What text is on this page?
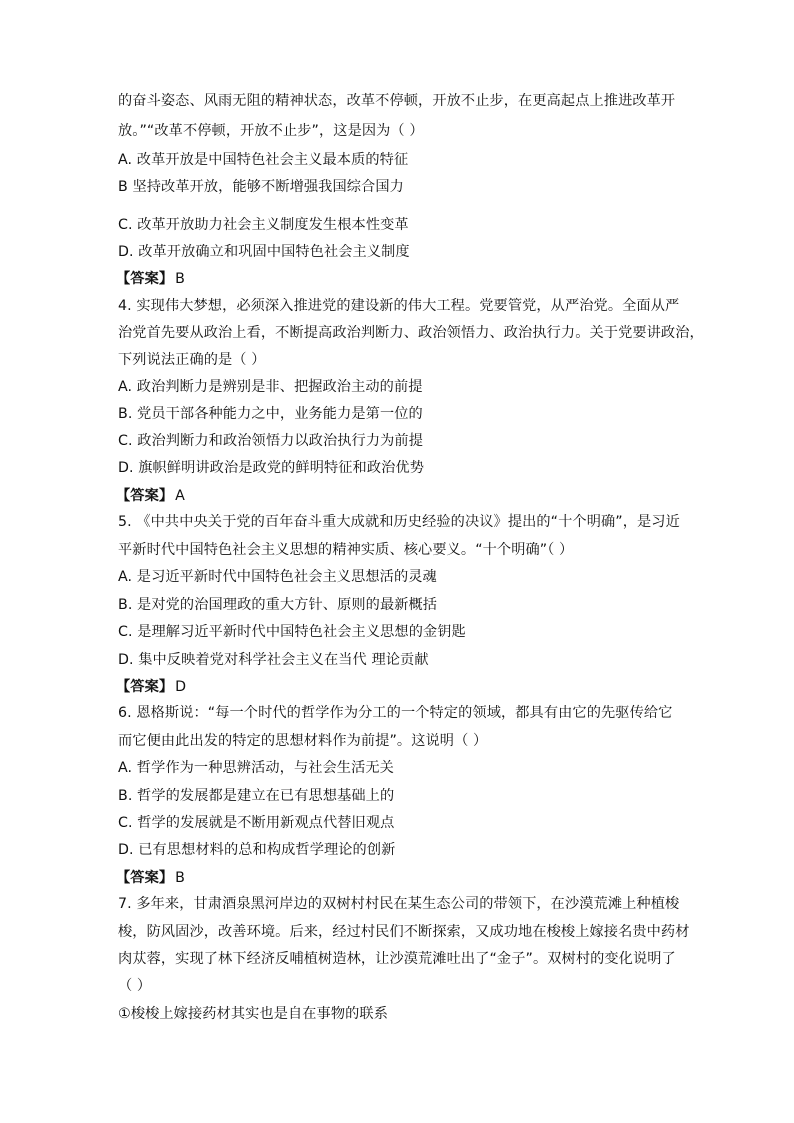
的奋斗姿态、风雨无阻的精神状态，改革不停顿，开放不止步，在更高起点上推进改革开
放。”“改革不停顿，开放不止步”，这是因为（ ）
A. 改革开放是中国特色社会主义最本质的特征
B 坚持改革开放，能够不断增强我国综合国力
C. 改革开放助力社会主义制度发生根本性变革
D. 改革开放确立和巩固中国特色社会主义制度
【答案】 B
4. 实现伟大梦想，必须深入推进党的建设新的伟大工程。党要管党，从严治党。全面从严
治党首先要从政治上看，不断提高政治判断力、政治领悟力、政治执行力。关于党要讲政治，
下列说法正确的是（ ）
A. 政治判断力是辨别是非、把握政治主动的前提
B. 党员干部各种能力之中，业务能力是第一位的
C. 政治判断力和政治领悟力以政治执行力为前提
D. 旗帜鲜明讲政治是政党的鲜明特征和政治优势
【答案】 A
5. 《中共中央关于党的百年奋斗重大成就和历史经验的决议》提出的“十个明确”，是习近
平新时代中国特色社会主义思想的精神实质、核心要义。“十个明确”（ ）
A. 是习近平新时代中国特色社会主义思想活的灵魂
B. 是对党的治国理政的重大方针、原则的最新概括
C. 是理解习近平新时代中国特色社会主义思想的金钥匙
D. 集中反映着党对科学社会主义在当代 理论贡献
【答案】 D
6. 恩格斯说：“每一个时代的哲学作为分工的一个特定的领域，都具有由它的先驱传给它
而它便由此出发的特定的思想材料作为前提”。这说明（ ）
A. 哲学作为一种思辨活动，与社会生活无关
B. 哲学的发展都是建立在已有思想基础上的
C. 哲学的发展就是不断用新观点代替旧观点
D. 已有思想材料的总和构成哲学理论的创新
【答案】 B
7. 多年来，甘肃酒泉黑河岸边的双树村村民在某生态公司的带领下，在沙漠荒滩上种植梭
梭，防风固沙，改善环境。后来，经过村民们不断探索，又成功地在梭梭上嫁接名贵中药材
肉苁蓉，实现了林下经济反哺植树造林，让沙漠荒滩吐出了“金子”。双树村的变化说明了
（ ）
①梭梭上嫁接药材其实也是自在事物的联系
